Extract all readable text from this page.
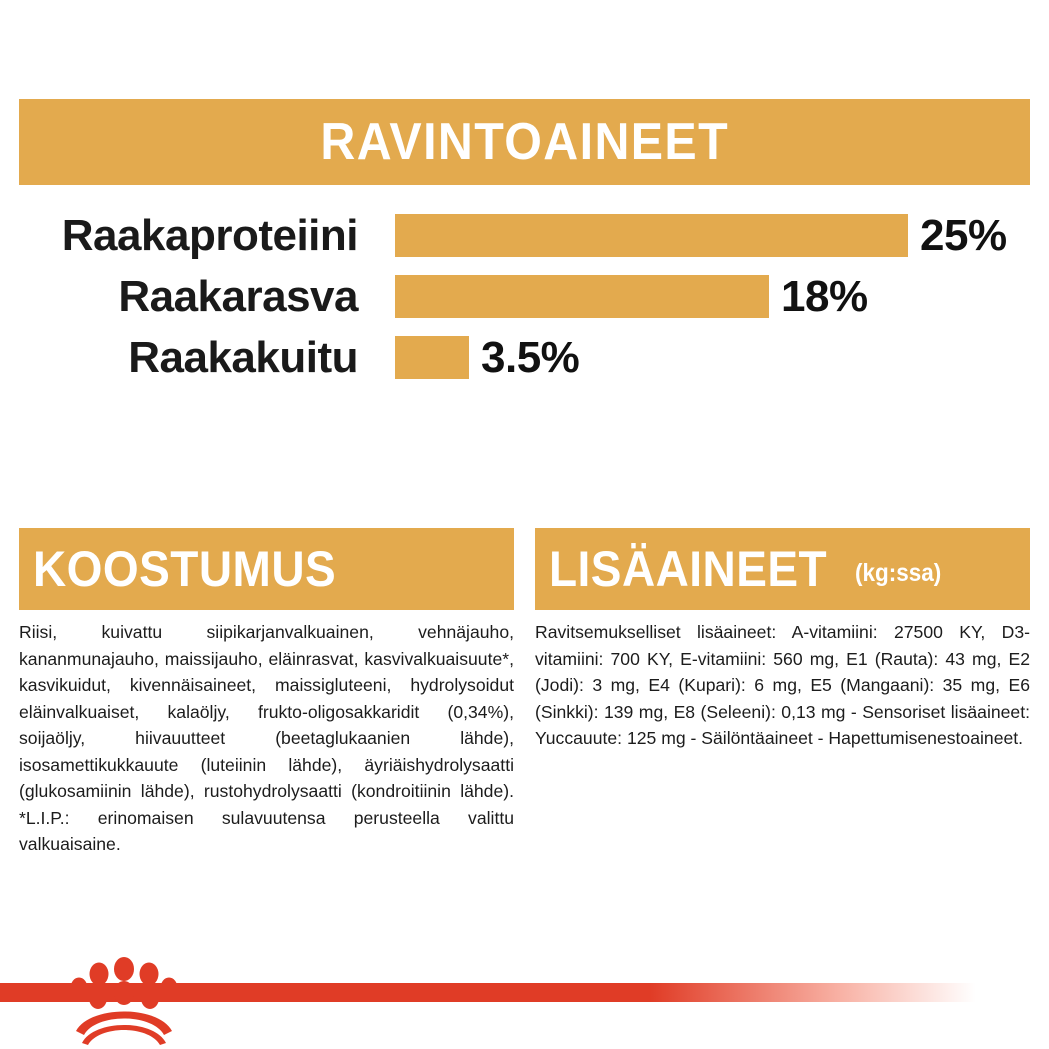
RAVINTOAINEET
Raakaproteiini	25%
Raakarasva	18%
Raakakuitu	3.5%
KOOSTUMUS
Riisi, kuivattu siipikarjanvalkuainen, vehnäjauho, kananmunajauho, maissijauho, eläinrasvat, kasvivalkuaisuute*, kasvikuidut, kivennäisaineet, maissigluteeni, hydrolysoidut eläinvalkuaiset, kalaöljy, frukto-oligosakkaridit (0,34%), soijaöljy, hiivauutteet (beetaglukaanien lähde), isosamettikukkauute (luteiinin lähde), äyriäishydrolysaatti (glukosamiinin lähde), rustohydrolysaatti (kondroitiinin lähde). *L.I.P.: erinomaisen sulavuutensa perusteella valittu valkuaisaine.
LISÄAINEET (kg:ssa)
Ravitsemukselliset lisäaineet: A-vitamiini: 27500 KY, D3-vitamiini: 700 KY, E-vitamiini: 560 mg, E1 (Rauta): 43 mg, E2 (Jodi): 3 mg, E4 (Kupari): 6 mg, E5 (Mangaani): 35 mg, E6 (Sinkki): 139 mg, E8 (Seleeni): 0,13 mg - Sensoriset lisäaineet: Yuccauute: 125 mg - Säilöntäaineet - Hapettumisenestoaineet.
